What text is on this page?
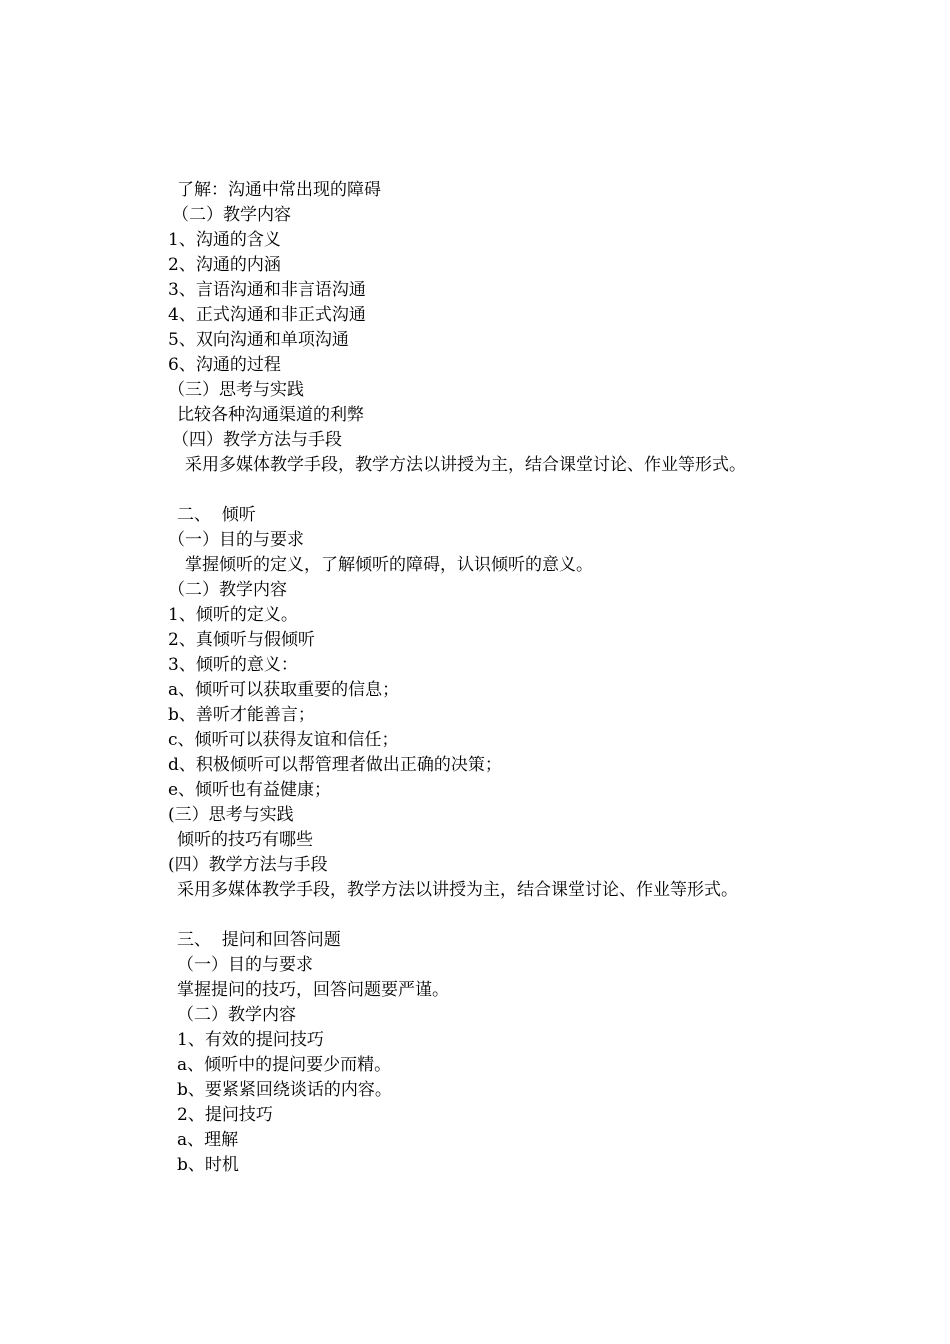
了解：沟通中常出现的障碍
（二）教学内容
1、沟通的含义
2、沟通的内涵
3、言语沟通和非言语沟通
4、正式沟通和非正式沟通
5、双向沟通和单项沟通
6、沟通的过程
（三）思考与实践
比较各种沟通渠道的利弊
（四）教学方法与手段
采用多媒体教学手段，教学方法以讲授为主，结合课堂讨论、作业等形式。
二、  倾听
（一）目的与要求
掌握倾听的定义，了解倾听的障碍，认识倾听的意义。
（二）教学内容
1、倾听的定义。
2、真倾听与假倾听
3、倾听的意义：
a、倾听可以获取重要的信息；
b、善听才能善言；
c、倾听可以获得友谊和信任；
d、积极倾听可以帮管理者做出正确的决策；
e、倾听也有益健康；
(三）思考与实践
倾听的技巧有哪些
(四）教学方法与手段
采用多媒体教学手段，教学方法以讲授为主，结合课堂讨论、作业等形式。
三、  提问和回答问题
（一）目的与要求
掌握提问的技巧，回答问题要严谨。
（二）教学内容
1、有效的提问技巧
a、倾听中的提问要少而精。
b、要紧紧回绕谈话的内容。
2、提问技巧
a、理解
b、时机
